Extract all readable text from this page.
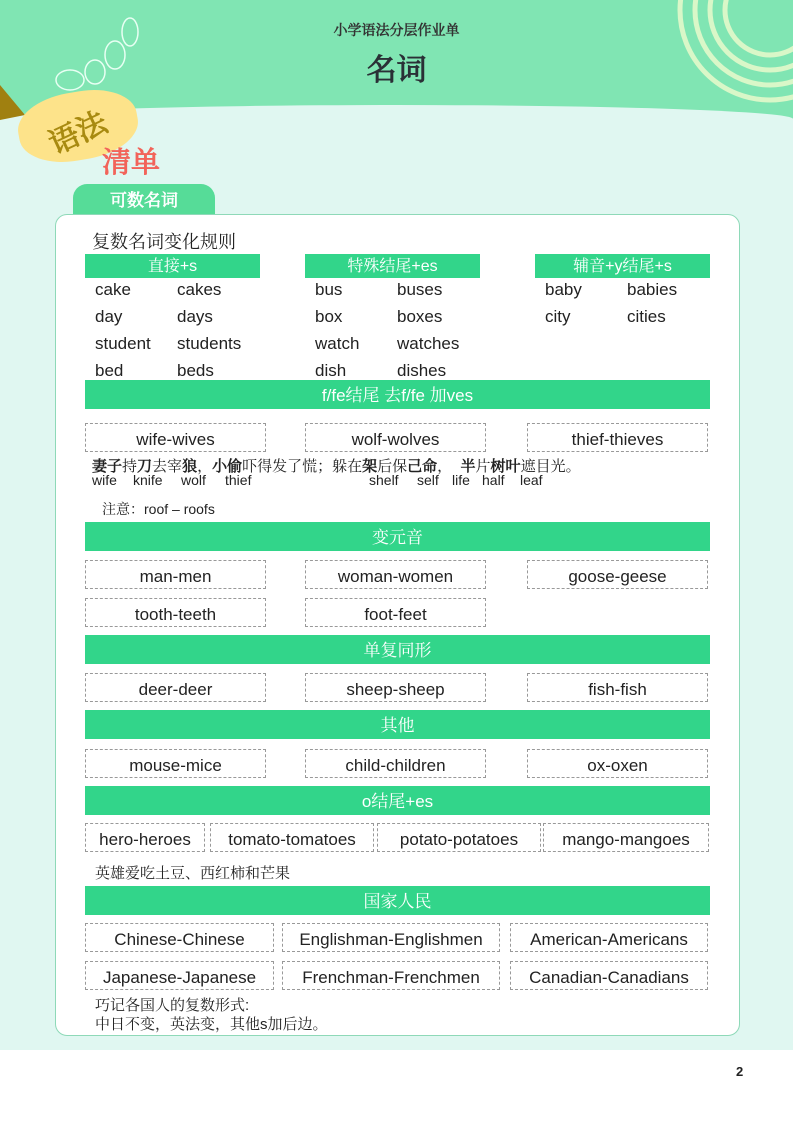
小学语法分层作业单
名词
语法
清单
可数名词
复数名词变化规则
直接+s
cake	cakes
day	days
student students
bed	beds
特殊结尾+es
bus	buses
box	boxes
watch watches
dish	dishes
辅音+y结尾+s
baby	babies
city	cities
f/fe结尾 去f/fe 加ves
wife-wives	wolf-wolves	thief-thieves
变元音
man-men	woman-women	goose-geese
tooth-teeth	foot-feet
单复同形
deer-deer	sheep-sheep	fish-fish
其他
mouse-mice	child-children	ox-oxen
o结尾+es
hero-heroes	tomato-tomatoes	potato-potatoes	mango-mangoes
国家人民
Chinese-Chinese	Englishman-Englishmen	American-Americans
Japanese-Japanese	Frenchman-Frenchmen	Canadian-Canadians
妻子持刀去宰狼，小偷吓得发了慌；躲在架后保己命，  半片树叶遮目光。
wife knife wolf thief	shelf self life half leaf
注意：roof – roofs
英雄爱吃土豆、西红柿和芒果
巧记各国人的复数形式:
中日不变，英法变，其他s加后边。
2
